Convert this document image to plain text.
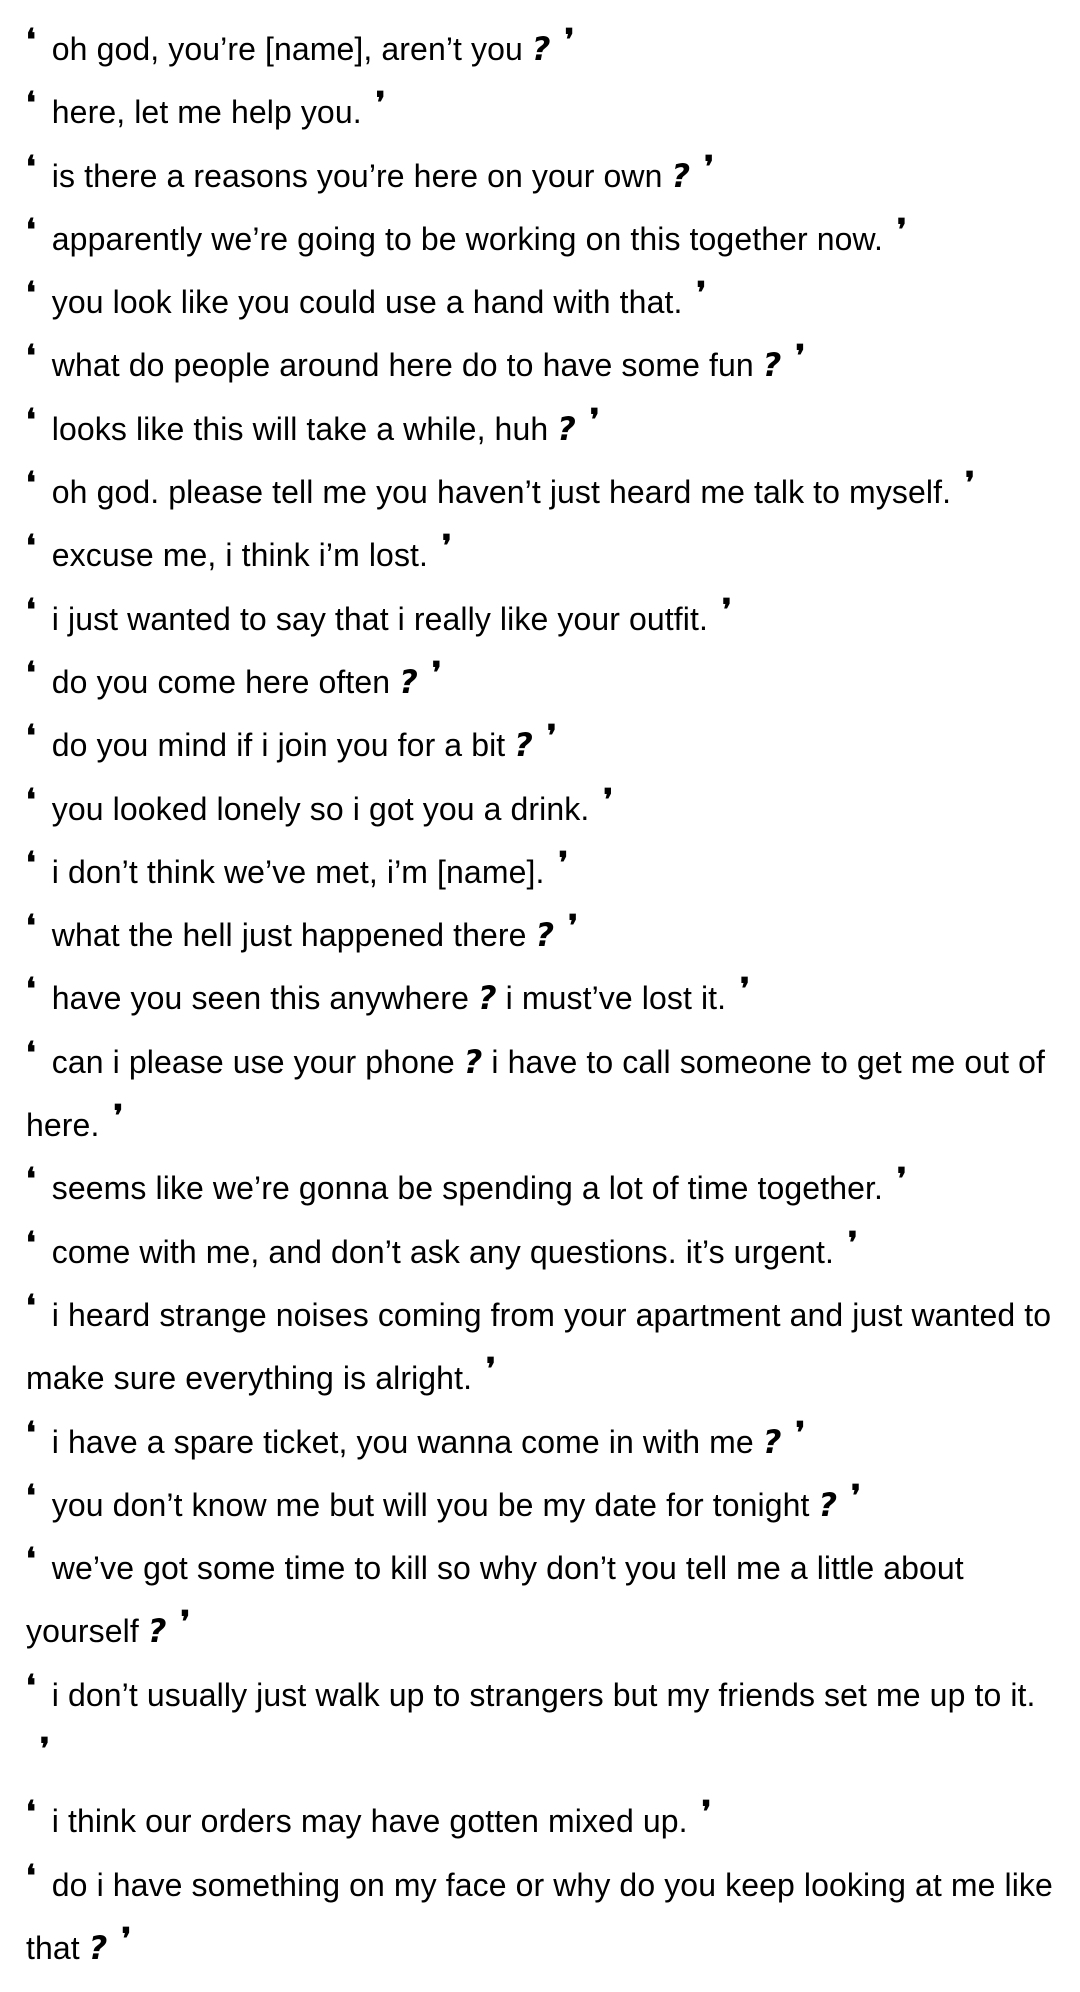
❛ oh god, you’re [name], aren’t you ? ❜
❛ here, let me help you. ❜
❛ is there a reasons you’re here on your own ? ❜
❛ apparently we’re going to be working on this together now. ❜
❛ you look like you could use a hand with that. ❜
❛ what do people around here do to have some fun ? ❜
❛ looks like this will take a while, huh ? ❜
❛ oh god. please tell me you haven’t just heard me talk to myself. ❜
❛ excuse me, i think i’m lost. ❜
❛ i just wanted to say that i really like your outfit. ❜
❛ do you come here often ? ❜
❛ do you mind if i join you for a bit ? ❜
❛ you looked lonely so i got you a drink. ❜
❛ i don’t think we’ve met, i’m [name]. ❜
❛ what the hell just happened there ? ❜
❛ have you seen this anywhere ? i must’ve lost it. ❜
❛ can i please use your phone ? i have to call someone to get me out of here. ❜
❛ seems like we’re gonna be spending a lot of time together. ❜
❛ come with me, and don’t ask any questions. it’s urgent. ❜
❛ i heard strange noises coming from your apartment and just wanted to make sure everything is alright. ❜
❛ i have a spare ticket, you wanna come in with me ? ❜
❛ you don’t know me but will you be my date for tonight ? ❜
❛ we’ve got some time to kill so why don’t you tell me a little about yourself ? ❜
❛ i don’t usually just walk up to strangers but my friends set me up to it.❜
❛ i think our orders may have gotten mixed up. ❜
❛ do i have something on my face or why do you keep looking at me like that ? ❜
